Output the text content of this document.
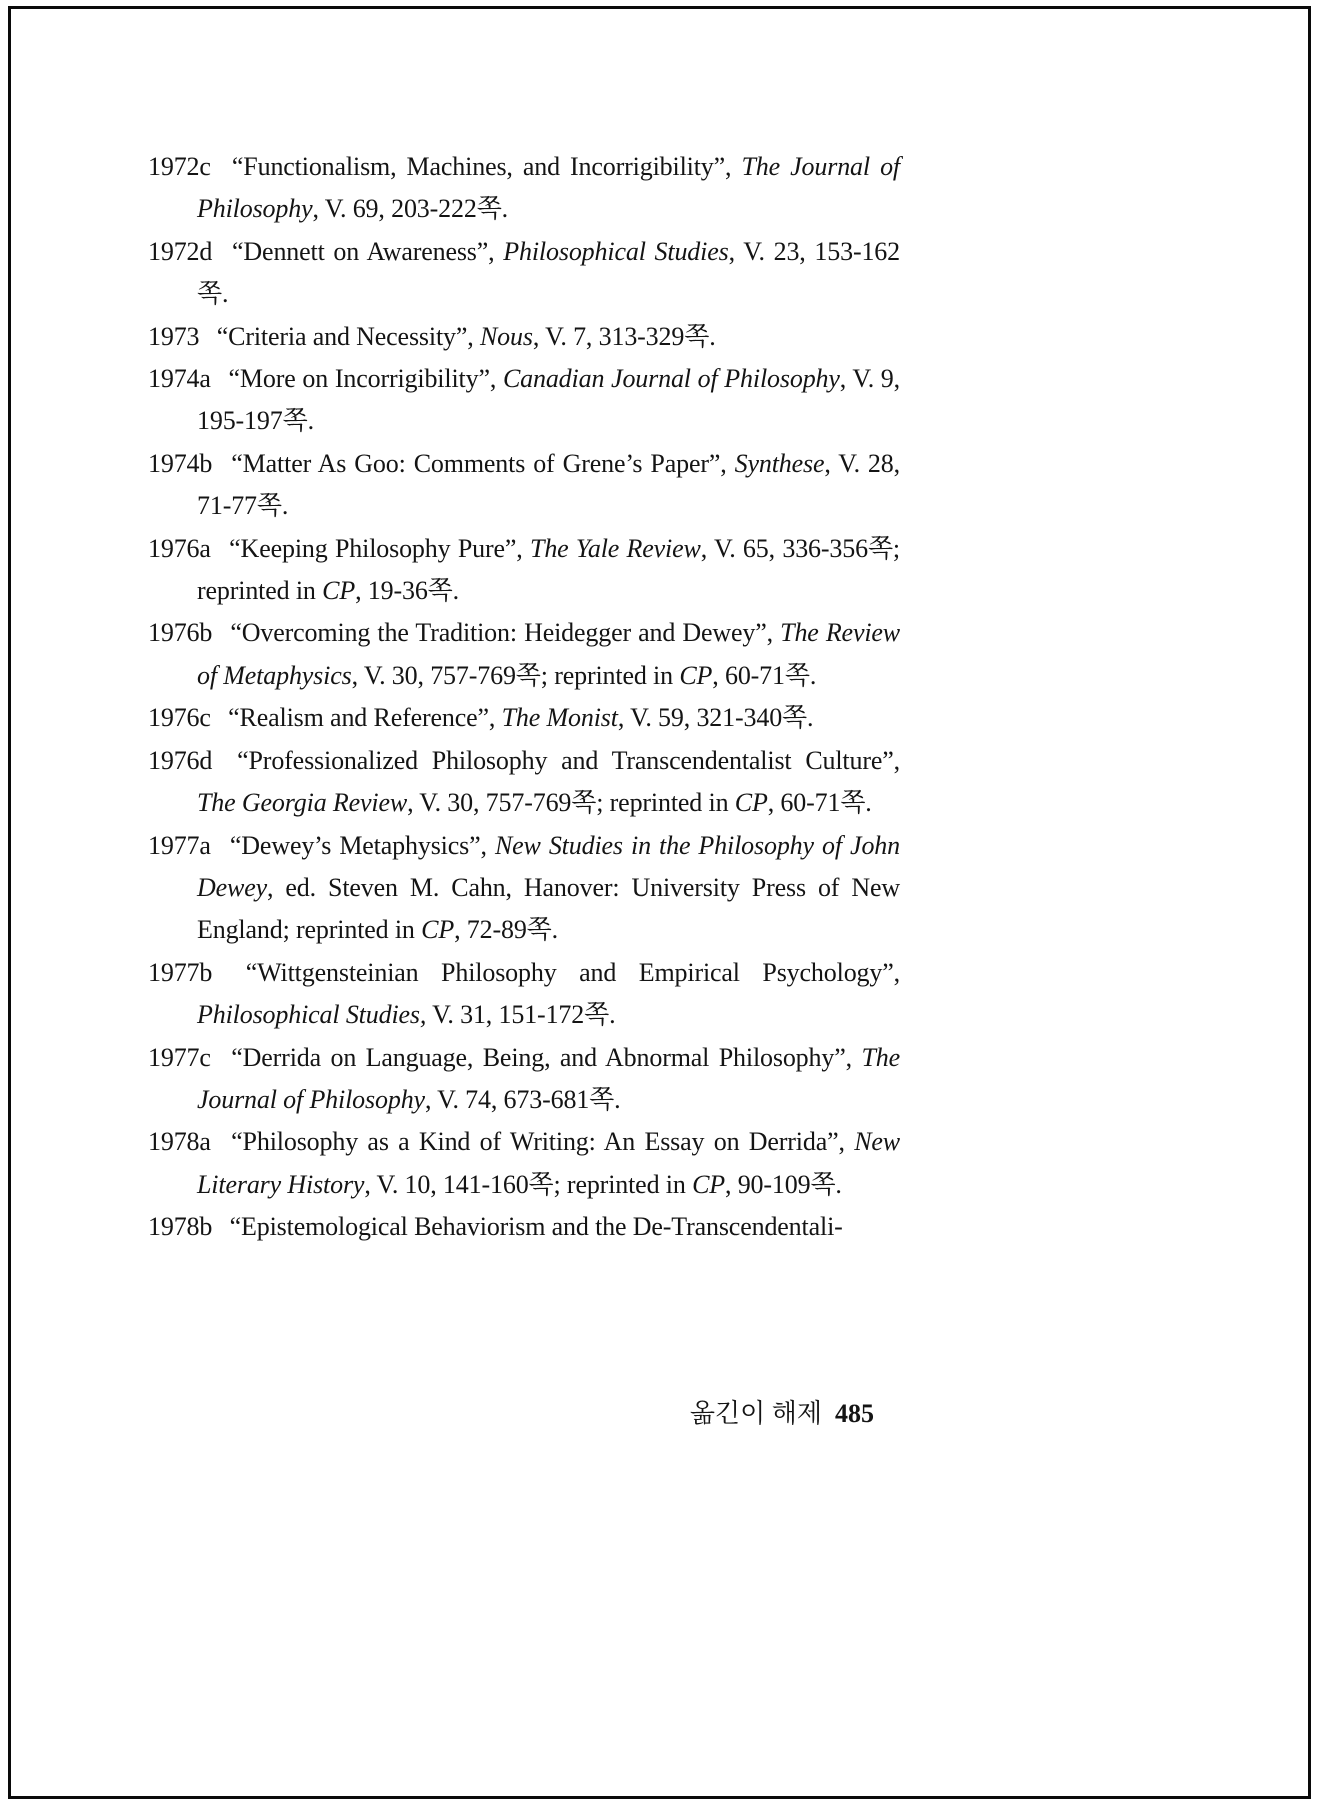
1972c “Functionalism, Machines, and Incorrigibility”, The Journal of Philosophy, V. 69, 203-222쪽.

1972d “Dennett on Awareness”, Philosophical Studies, V. 23, 153-162쪽.

1973 “Criteria and Necessity”, Nous, V. 7, 313-329쪽.

1974a “More on Incorrigibility”, Canadian Journal of Philosophy, V. 9, 195-197쪽.

1974b “Matter As Goo: Comments of Grene’s Paper”, Synthese, V. 28, 71-77쪽.

1976a “Keeping Philosophy Pure”, The Yale Review, V. 65, 336-356쪽; reprinted in CP, 19-36쪽.

1976b “Overcoming the Tradition: Heidegger and Dewey”, The Review of Metaphysics, V. 30, 757-769쪽; reprinted in CP, 60-71쪽.

1976c “Realism and Reference”, The Monist, V. 59, 321-340쪽.

1976d “Professionalized Philosophy and Transcendentalist Culture”, The Georgia Review, V. 30, 757-769쪽; reprinted in CP, 60-71쪽.

1977a “Dewey’s Metaphysics”, New Studies in the Philosophy of John Dewey, ed. Steven M. Cahn, Hanover: University Press of New England; reprinted in CP, 72-89쪽.

1977b “Wittgensteinian Philosophy and Empirical Psychology”, Philosophical Studies, V. 31, 151-172쪽.

1977c “Derrida on Language, Being, and Abnormal Philosophy”, The Journal of Philosophy, V. 74, 673-681쪽.

1978a “Philosophy as a Kind of Writing: An Essay on Derrida”, New Literary History, V. 10, 141-160쪽; reprinted in CP, 90-109쪽.

1978b “Epistemological Behaviorism and the De-Transcendentali-

옮긴이 해제 485
